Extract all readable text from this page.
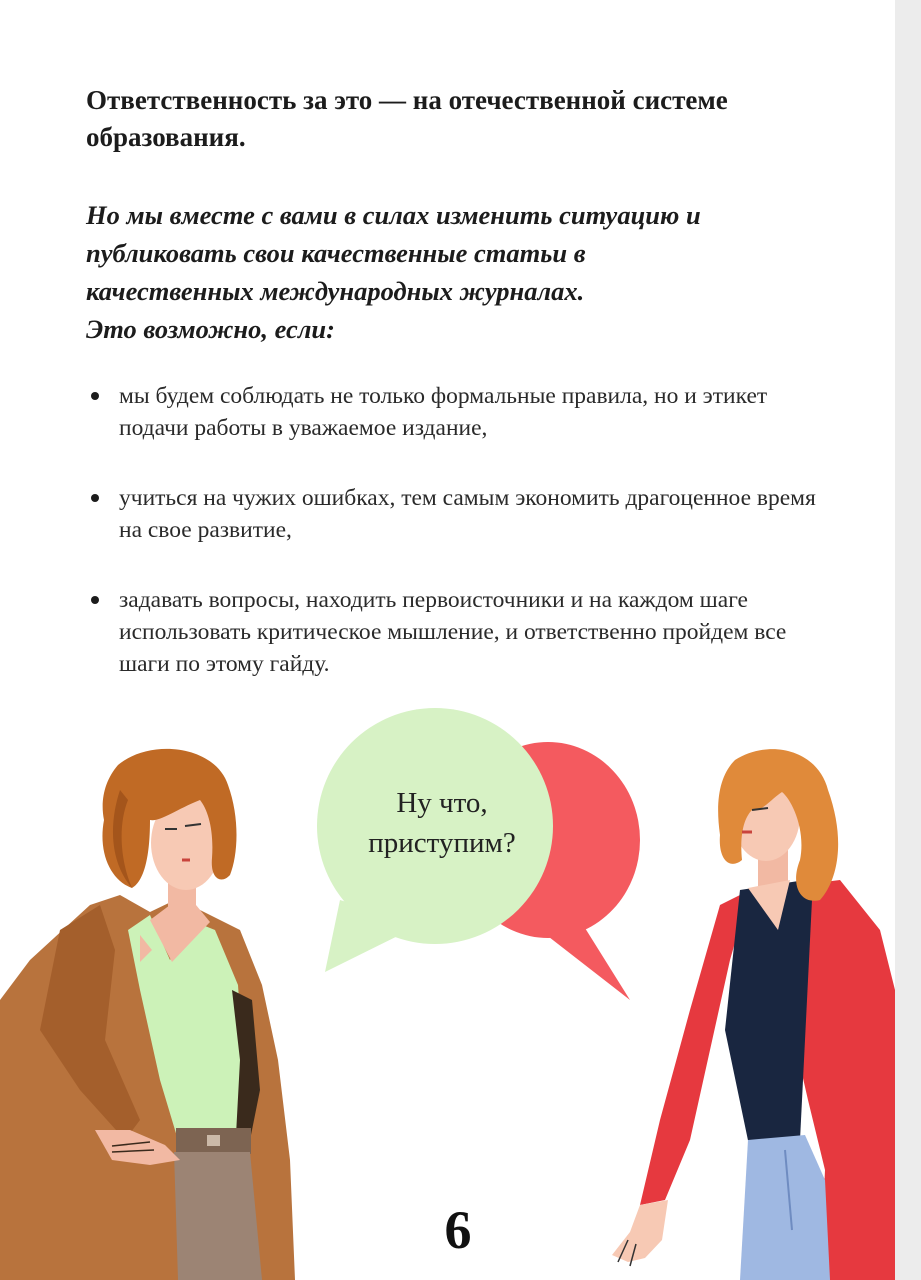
Ответственность за это — на отечественной системе образования.

Но мы вместе с вами в силах изменить ситуацию и
публиковать свои качественные статьи в
качественных международных журналах.
Это возможно, если:

мы будем соблюдать не только формальные правила, но и этикет подачи работы в уважаемое издание,
учиться на чужих ошибках, тем самым экономить драгоценное время на свое развитие,
задавать вопросы, находить первоисточники и на каждом шаге использовать критическое мышление, и ответственно пройдем все шаги по этому гайду.
Ну что,
приступим?
6
